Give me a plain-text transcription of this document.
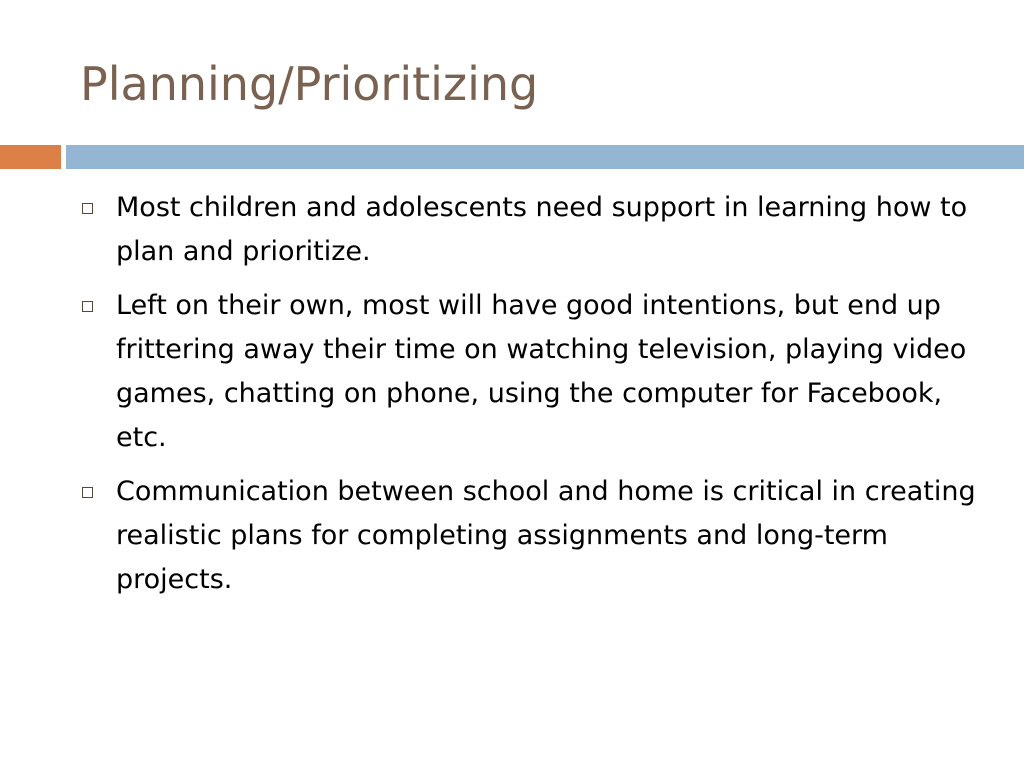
Planning/Prioritizing
Most children and adolescents need support in learning how to plan and prioritize.
Left on their own, most will have good intentions, but end up frittering away their time on watching television, playing video games, chatting on phone, using the computer for Facebook, etc.
Communication between school and home is critical in creating realistic plans for completing assignments and long-term projects.
